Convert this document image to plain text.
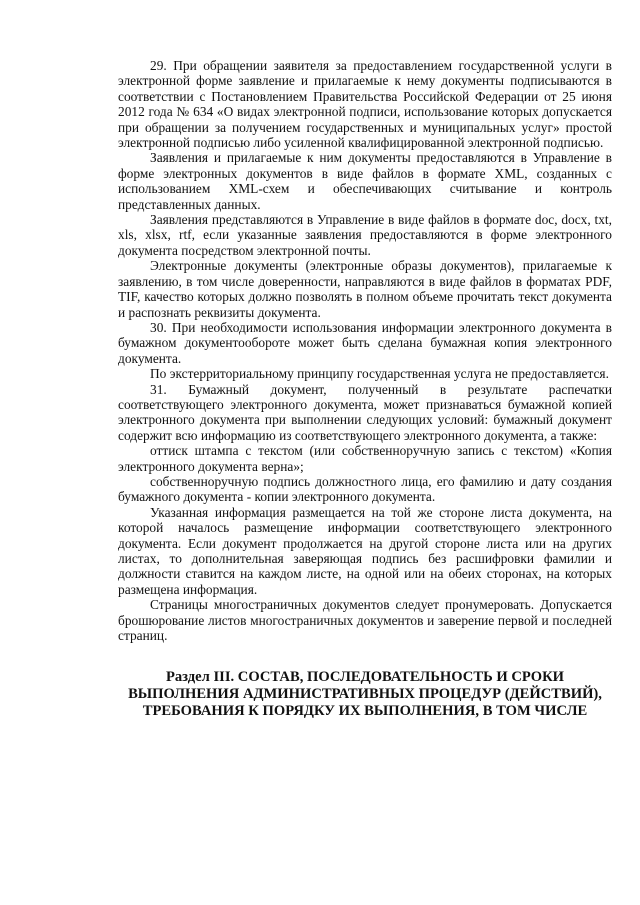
29. При обращении заявителя за предоставлением государственной услуги в электронной форме заявление и прилагаемые к нему документы подписываются в соответствии с Постановлением Правительства Российской Федерации от 25 июня 2012 года № 634 «О видах электронной подписи, использование которых допускается при обращении за получением государственных и муниципальных услуг» простой электронной подписью либо усиленной квалифицированной электронной подписью.

Заявления и прилагаемые к ним документы предоставляются в Управление в форме электронных документов в виде файлов в формате XML, созданных с использованием XML-схем и обеспечивающих считывание и контроль представленных данных.

Заявления представляются в Управление в виде файлов в формате doc, docx, txt, xls, xlsx, rtf, если указанные заявления предоставляются в форме электронного документа посредством электронной почты.

Электронные документы (электронные образы документов), прилагаемые к заявлению, в том числе доверенности, направляются в виде файлов в форматах PDF, TIF, качество которых должно позволять в полном объеме прочитать текст документа и распознать реквизиты документа.

30. При необходимости использования информации электронного документа в бумажном документообороте может быть сделана бумажная копия электронного документа.

По экстерриториальному принципу государственная услуга не предоставляется.

31. Бумажный документ, полученный в результате распечатки соответствующего электронного документа, может признаваться бумажной копией электронного документа при выполнении следующих условий: бумажный документ содержит всю информацию из соответствующего электронного документа, а также:

оттиск штампа с текстом (или собственноручную запись с текстом) «Копия электронного документа верна»;

собственноручную подпись должностного лица, его фамилию и дату создания бумажного документа - копии электронного документа.

Указанная информация размещается на той же стороне листа документа, на которой началось размещение информации соответствующего электронного документа. Если документ продолжается на другой стороне листа или на других листах, то дополнительная заверяющая подпись без расшифровки фамилии и должности ставится на каждом листе, на одной или на обеих сторонах, на которых размещена информация.

Страницы многостраничных документов следует пронумеровать. Допускается брошюрование листов многостраничных документов и заверение первой и последней страниц.

Раздел III. СОСТАВ, ПОСЛЕДОВАТЕЛЬНОСТЬ И СРОКИ
ВЫПОЛНЕНИЯ АДМИНИСТРАТИВНЫХ ПРОЦЕДУР (ДЕЙСТВИЙ),
ТРЕБОВАНИЯ К ПОРЯДКУ ИХ ВЫПОЛНЕНИЯ, В ТОМ ЧИСЛЕ
